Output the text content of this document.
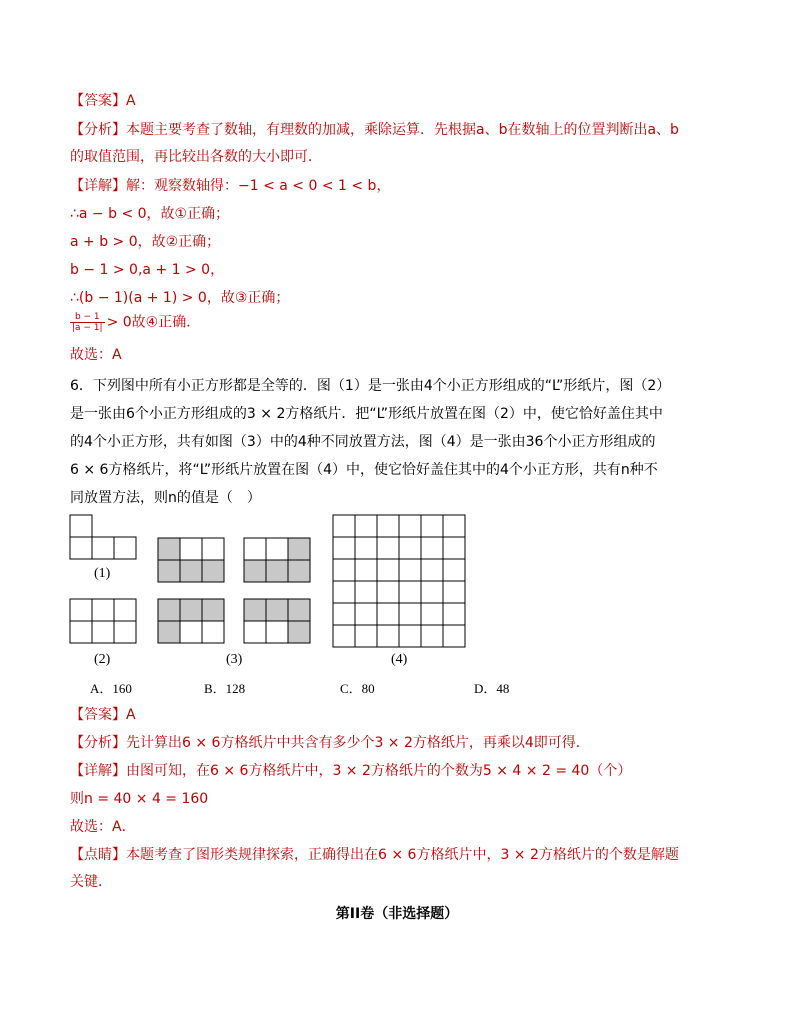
【答案】A
【分析】本题主要考查了数轴，有理数的加减，乘除运算．先根据a、b在数轴上的位置判断出a、b
的取值范围，再比较出各数的大小即可．
【详解】解：观察数轴得：−1 < a < 0 < 1 < b，
∴a − b < 0，故①正确；
a + b > 0，故②正确；
b − 1 > 0,a + 1 > 0，
∴(b − 1)(a + 1) > 0，故③正确；
$\frac{b - 1}{|a - 1|} > 0$故④正确．
故选：A
6．下列图中所有小正方形都是全等的．图（1）是一张由4个小正方形组成的“L”形纸片，图（2）
是一张由6个小正方形组成的3 × 2方格纸片．把“L”形纸片放置在图（2）中，使它恰好盖住其中
的4个小正方形，共有如图（3）中的4种不同放置方法，图（4）是一张由36个小正方形组成的
6 × 6方格纸片，将“L”形纸片放置在图（4）中，使它恰好盖住其中的4个小正方形，共有n种不
同放置方法，则n的值是（　）
(1)
(2)	(3)	(4)
A．160	B．128	C．80	D．48
【答案】A
【分析】先计算出6 × 6方格纸片中共含有多少个3 × 2方格纸片，再乘以4即可得．
【详解】由图可知，在6 × 6方格纸片中，3 × 2方格纸片的个数为5 × 4 × 2 = 40（个）
则n = 40 × 4 = 160
故选：A．
【点睛】本题考查了图形类规律探索，正确得出在6 × 6方格纸片中，3 × 2方格纸片的个数是解题
关键．
第II卷（非选择题）
